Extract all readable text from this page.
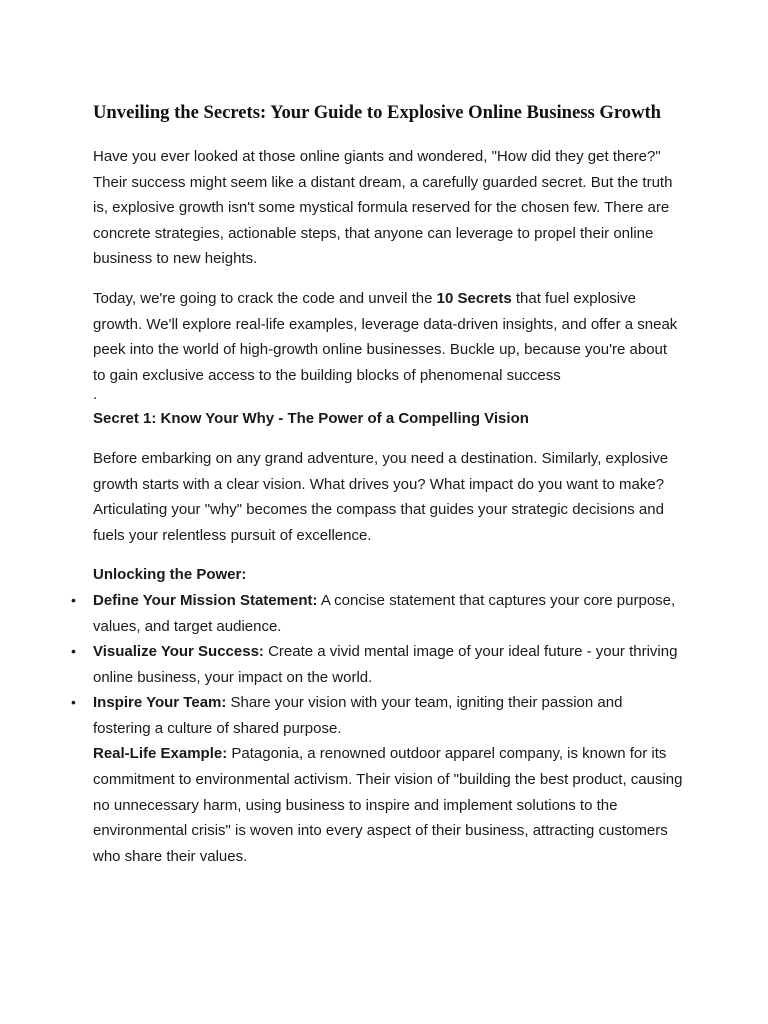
Unveiling the Secrets: Your Guide to Explosive Online Business Growth

Have you ever looked at those online giants and wondered, "How did they get there?" Their success might seem like a distant dream, a carefully guarded secret. But the truth is, explosive growth isn't some mystical formula reserved for the chosen few. There are concrete strategies, actionable steps, that anyone can leverage to propel their online business to new heights.

Today, we're going to crack the code and unveil the 10 Secrets that fuel explosive growth. We'll explore real-life examples, leverage data-driven insights, and offer a sneak peek into the world of high-growth online businesses. Buckle up, because you're about to gain exclusive access to the building blocks of phenomenal success

.

Secret 1: Know Your Why - The Power of a Compelling Vision

Before embarking on any grand adventure, you need a destination. Similarly, explosive growth starts with a clear vision. What drives you? What impact do you want to make? Articulating your "why" becomes the compass that guides your strategic decisions and fuels your relentless pursuit of excellence.

Unlocking the Power:
• Define Your Mission Statement: A concise statement that captures your core purpose, values, and target audience.
• Visualize Your Success: Create a vivid mental image of your ideal future - your thriving online business, your impact on the world.
• Inspire Your Team: Share your vision with your team, igniting their passion and fostering a culture of shared purpose.

Real-Life Example: Patagonia, a renowned outdoor apparel company, is known for its commitment to environmental activism. Their vision of "building the best product, causing no unnecessary harm, using business to inspire and implement solutions to the environmental crisis" is woven into every aspect of their business, attracting customers who share their values.
